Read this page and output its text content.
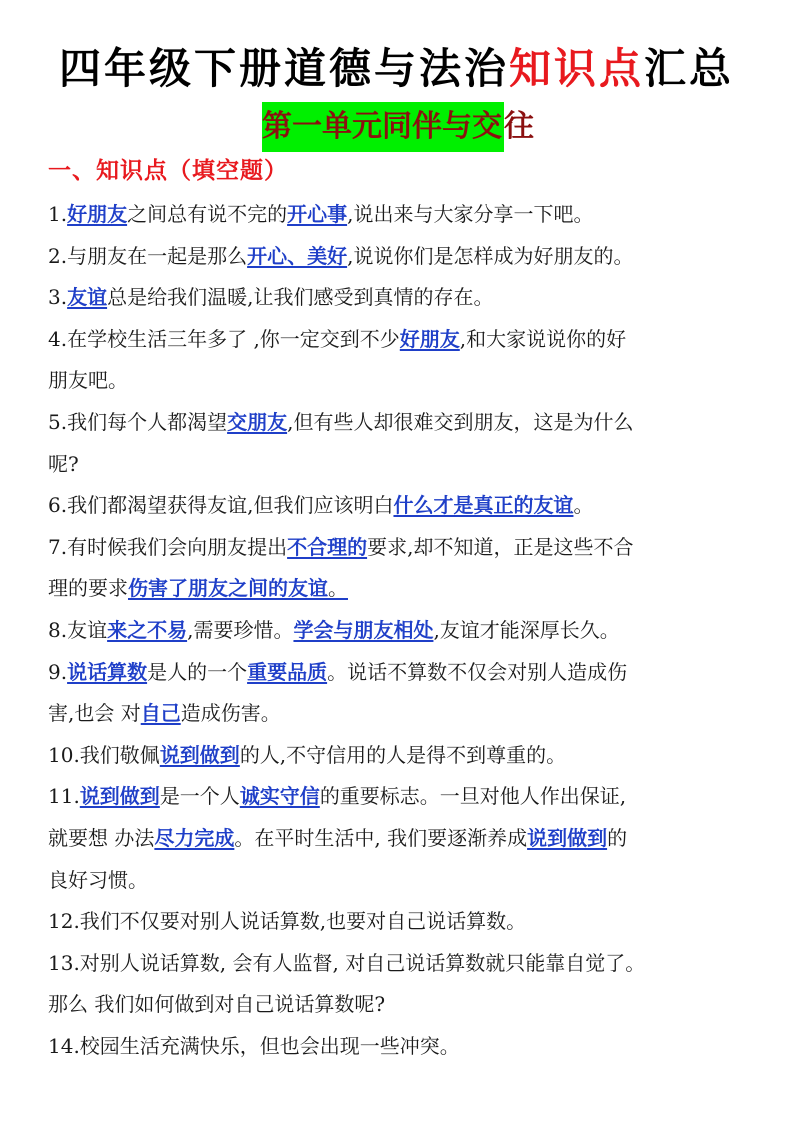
四年级下册道德与法治知识点汇总
第一单元同伴与交往
一、知识点（填空题）
1.好朋友之间总有说不完的开心事,说出来与大家分享一下吧。
2.与朋友在一起是那么开心、美好,说说你们是怎样成为好朋友的。
3.友谊总是给我们温暖,让我们感受到真情的存在。
4.在学校生活三年多了 ,你一定交到不少好朋友,和大家说说你的好
朋友吧。
5.我们每个人都渴望交朋友,但有些人却很难交到朋友，这是为什么
呢?
6.我们都渴望获得友谊,但我们应该明白什么才是真正的友谊。
7.有时候我们会向朋友提出不合理的要求,却不知道，正是这些不合
理的要求伤害了朋友之间的友谊。
8.友谊来之不易,需要珍惜。学会与朋友相处,友谊才能深厚长久。
9.说话算数是人的一个重要品质。说话不算数不仅会对别人造成伤
害,也会 对自己造成伤害。
10.我们敬佩说到做到的人,不守信用的人是得不到尊重的。
11.说到做到是一个人诚实守信的重要标志。一旦对他人作出保证,
就要想 办法尽力完成。在平时生活中, 我们要逐渐养成说到做到的
良好习惯。
12.我们不仅要对别人说话算数,也要对自己说话算数。
13.对别人说话算数, 会有人监督, 对自己说话算数就只能靠自觉了。
那么 我们如何做到对自己说话算数呢?
14.校园生活充满快乐，但也会出现一些冲突。
